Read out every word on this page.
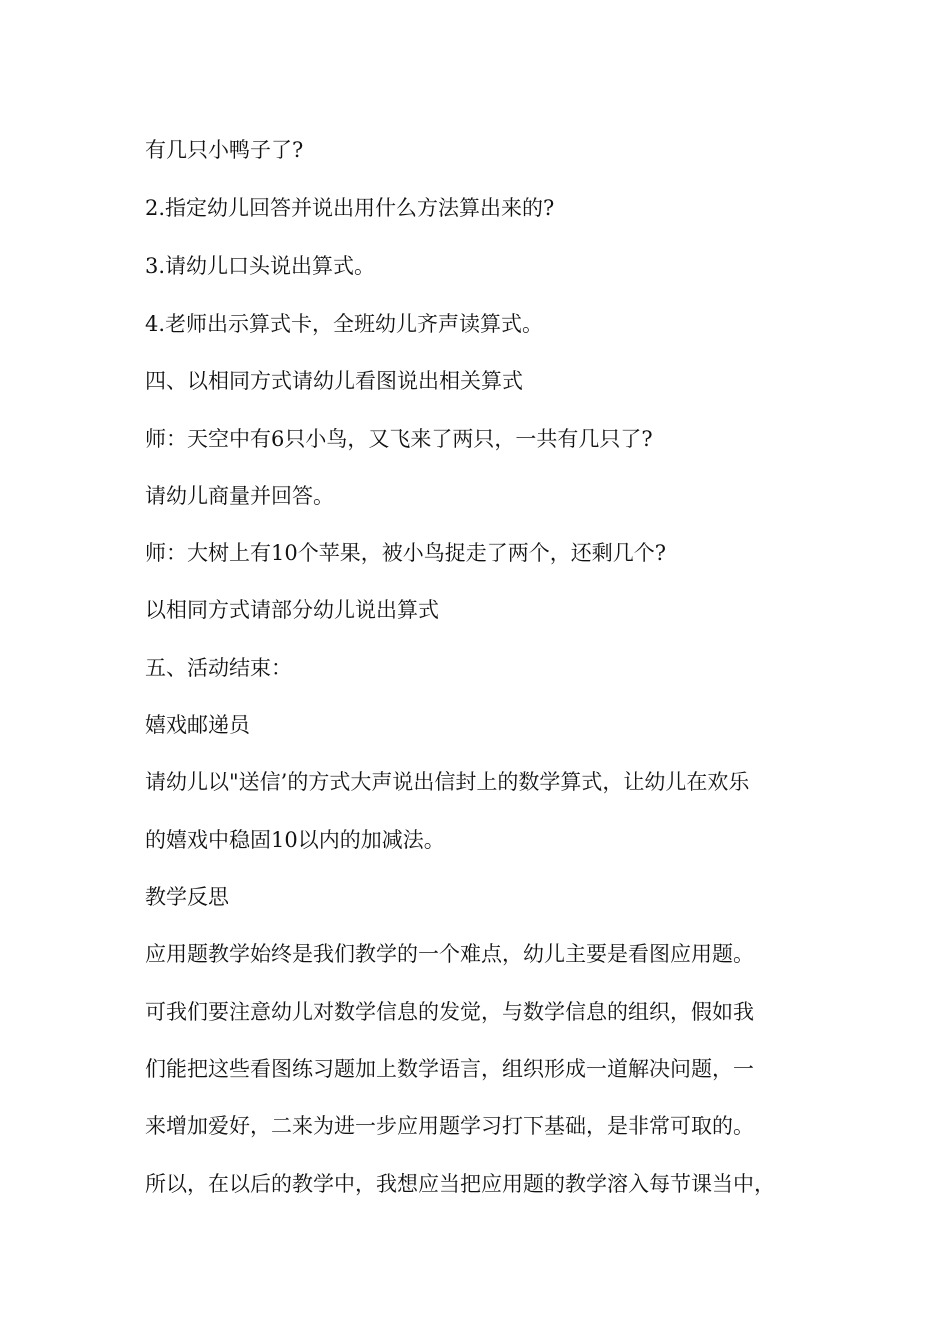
有几只小鸭子了?

2.指定幼儿回答并说出用什么方法算出来的?

3.请幼儿口头说出算式。

4.老师出示算式卡，全班幼儿齐声读算式。

四、以相同方式请幼儿看图说出相关算式

师：天空中有6只小鸟，又飞来了两只，一共有几只了?

请幼儿商量并回答。

师：大树上有10个苹果，被小鸟捉走了两个，还剩几个?

以相同方式请部分幼儿说出算式

五、活动结束：

嬉戏邮递员

请幼儿以"送信’的方式大声说出信封上的数学算式，让幼儿在欢乐

的嬉戏中稳固10以内的加减法。

教学反思

应用题教学始终是我们教学的一个难点，幼儿主要是看图应用题。

可我们要注意幼儿对数学信息的发觉，与数学信息的组织，假如我

们能把这些看图练习题加上数学语言，组织形成一道解决问题，一

来增加爱好，二来为进一步应用题学习打下基础，是非常可取的。

所以，在以后的教学中，我想应当把应用题的教学溶入每节课当中，
